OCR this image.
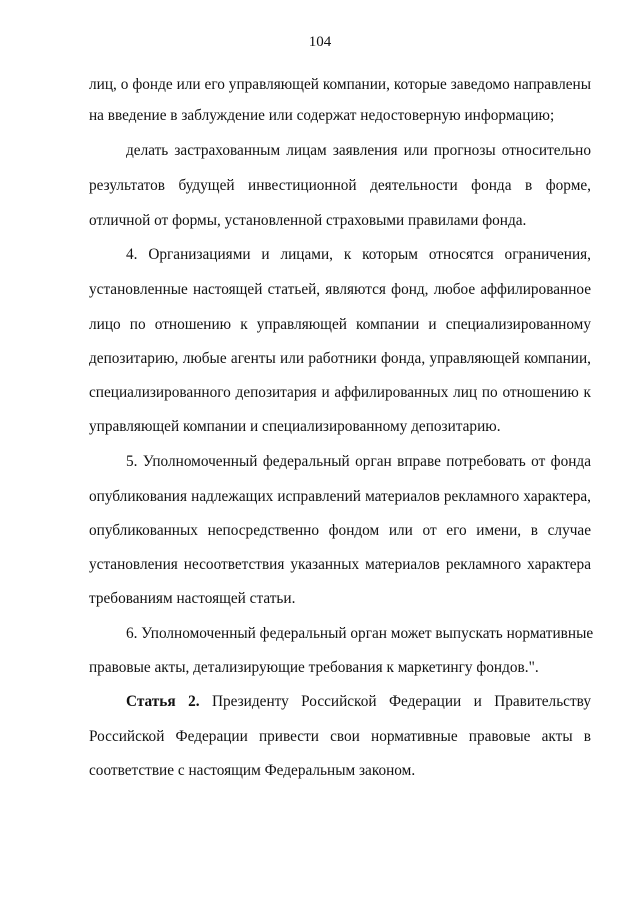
104
лиц, о фонде или его управляющей компании, которые заведомо направлены
на введение в заблуждение или содержат недостоверную информацию;
делать застрахованным лицам заявления или прогнозы относительно
результатов будущей инвестиционной деятельности фонда в форме,
отличной от формы, установленной страховыми правилами фонда.
4. Организациями и лицами, к которым относятся ограничения,
установленные настоящей статьей, являются фонд, любое аффилированное
лицо по отношению к управляющей компании и специализированному
депозитарию, любые агенты или работники фонда, управляющей компании,
специализированного депозитария и аффилированных лиц по отношению к
управляющей компании и специализированному депозитарию.
5. Уполномоченный федеральный орган вправе потребовать от фонда
опубликования надлежащих исправлений материалов рекламного характера,
опубликованных непосредственно фондом или от его имени, в случае
установления несоответствия указанных материалов рекламного характера
требованиям настоящей статьи.
6. Уполномоченный федеральный орган может выпускать нормативные
правовые акты, детализирующие требования к маркетингу фондов.".
Статья 2. Президенту Российской Федерации и Правительству
Российской Федерации привести свои нормативные правовые акты в
соответствие с настоящим Федеральным законом.
